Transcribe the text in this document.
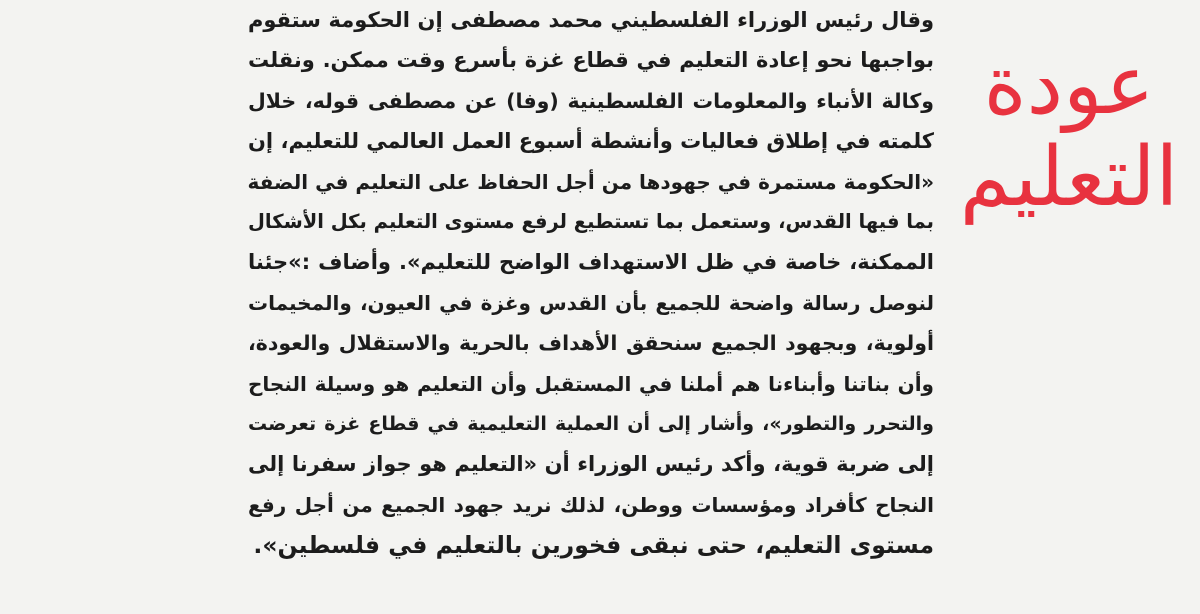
عودة
التعليم
وقال رئيس الوزراء الفلسطيني محمد مصطفى إن الحكومة ستقوم
بواجبها نحو إعادة التعليم في قطاع غزة بأسرع وقت ممكن. ونقلت
وكالة الأنباء والمعلومات الفلسطينية (وفا) عن مصطفى قوله، خلال
كلمته في إطلاق فعاليات وأنشطة أسبوع العمل العالمي للتعليم، إن
«الحكومة مستمرة في جهودها من أجل الحفاظ على التعليم في الضفة
بما فيها القدس، وستعمل بما تستطيع لرفع مستوى التعليم بكل الأشكال
الممكنة، خاصة في ظل الاستهداف الواضح للتعليم». وأضاف :»جئنا
لنوصل رسالة واضحة للجميع بأن القدس وغزة في العيون، والمخيمات
أولوية، وبجهود الجميع سنحقق الأهداف بالحرية والاستقلال والعودة،
وأن بناتنا وأبناءنا هم أملنا في المستقبل وأن التعليم هو وسيلة النجاح
والتحرر والتطور»، وأشار إلى أن العملية التعليمية في قطاع غزة تعرضت
إلى ضربة قوية، وأكد رئيس الوزراء أن «التعليم هو جواز سفرنا إلى
النجاح كأفراد ومؤسسات ووطن، لذلك نريد جهود الجميع من أجل رفع
مستوى التعليم، حتى نبقى فخورين بالتعليم في فلسطين».
